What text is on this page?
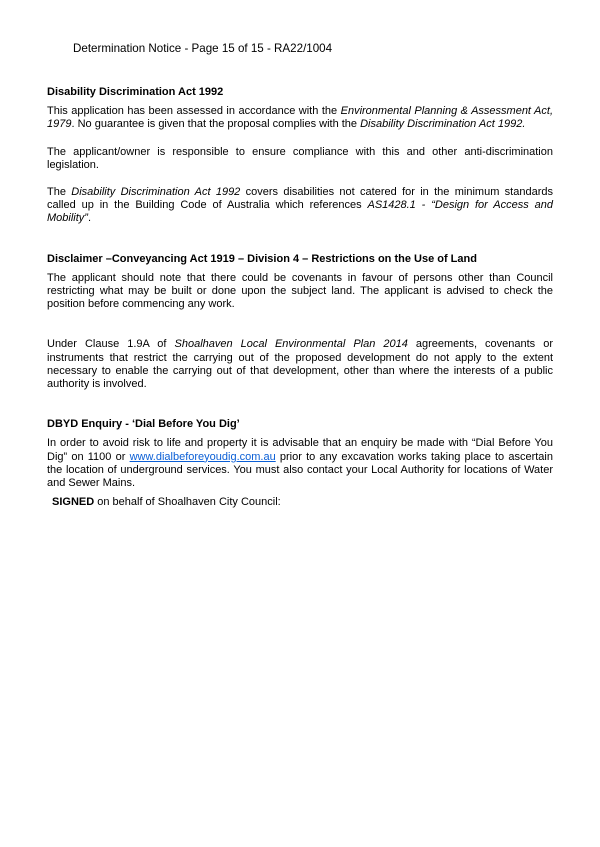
Determination Notice - Page 15 of 15 - RA22/1004
Disability Discrimination Act 1992

This application has been assessed in accordance with the Environmental Planning & Assessment Act, 1979. No guarantee is given that the proposal complies with the Disability Discrimination Act 1992.

The applicant/owner is responsible to ensure compliance with this and other anti-discrimination legislation.

The Disability Discrimination Act 1992 covers disabilities not catered for in the minimum standards called up in the Building Code of Australia which references AS1428.1 - “Design for Access and Mobility”.

Disclaimer –Conveyancing Act 1919 – Division 4 – Restrictions on the Use of Land

The applicant should note that there could be covenants in favour of persons other than Council restricting what may be built or done upon the subject land. The applicant is advised to check the position before commencing any work.

Under Clause 1.9A of Shoalhaven Local Environmental Plan 2014 agreements, covenants or instruments that restrict the carrying out of the proposed development do not apply to the extent necessary to enable the carrying out of that development, other than where the interests of a public authority is involved.

DBYD Enquiry - ‘Dial Before You Dig’

In order to avoid risk to life and property it is advisable that an enquiry be made with “Dial Before You Dig” on 1100 or www.dialbeforeyoudig.com.au prior to any excavation works taking place to ascertain the location of underground services. You must also contact your Local Authority for locations of Water and Sewer Mains.

SIGNED on behalf of Shoalhaven City Council:
